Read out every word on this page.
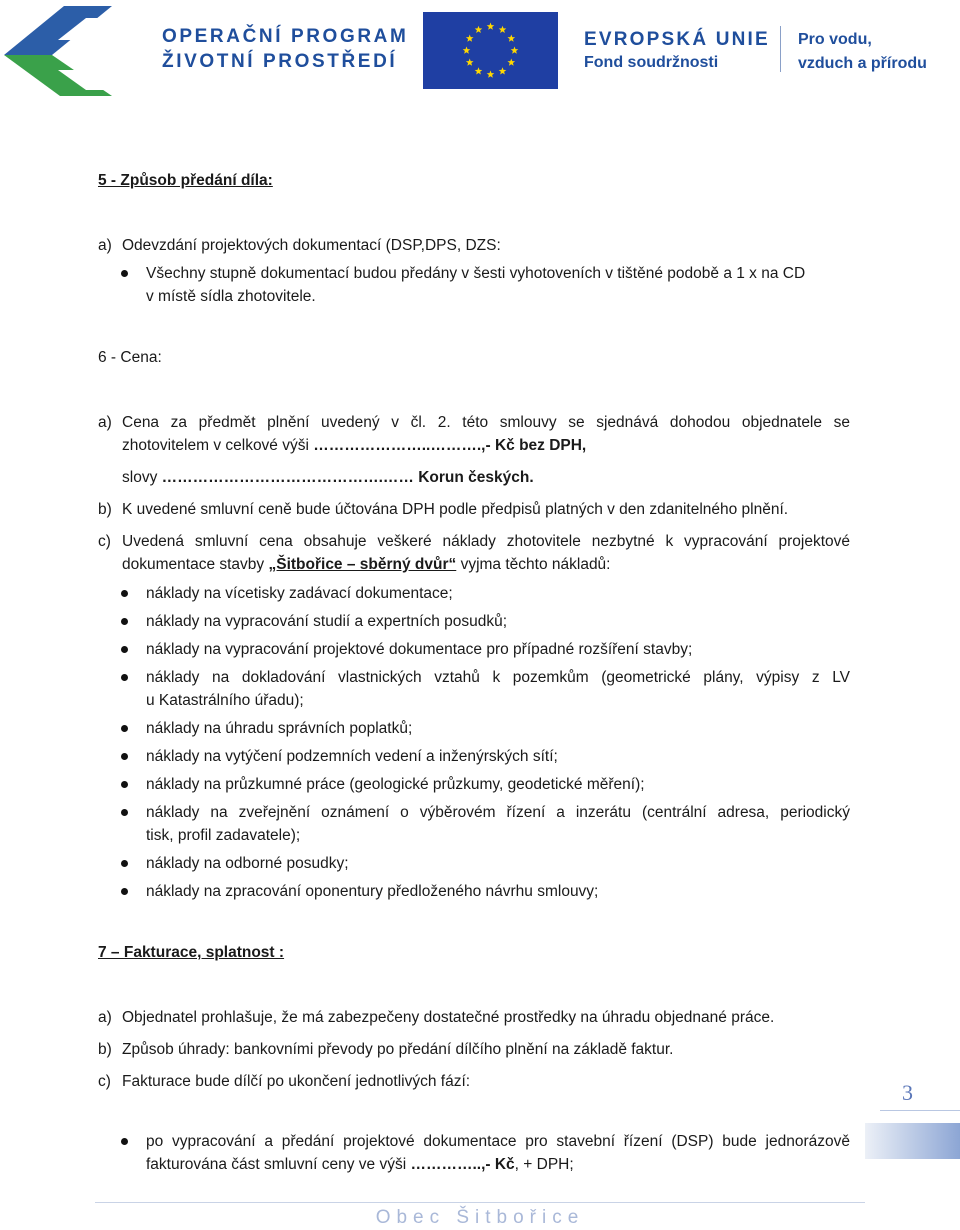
OPERAČNÍ PROGRAM
ŽIVOTNÍ PROSTŘEDÍ
EVROPSKÁ UNIE
Fond soudržnosti
Pro vodu,
vzduch a přírodu
5 - Způsob předání díla:
a) Odevzdání projektových dokumentací (DSP,DPS, DZS:
Všechny stupně dokumentací budou předány v šesti vyhotoveních v tištěné podobě a 1 x na CD
v místě sídla zhotovitele.
6 - Cena:
a) Cena za předmět plnění uvedený v čl. 2. této smlouvy se sjednává dohodou objednatele se
zhotovitelem v celkové výši …………………..……….,- Kč bez DPH,
slovy …………………………………….…… Korun českých.
b) K uvedené smluvní ceně bude účtována DPH podle předpisů platných v den zdanitelného plnění.
c) Uvedená smluvní cena obsahuje veškeré náklady zhotovitele nezbytné k vypracování projektové
dokumentace stavby „Šitbořice – sběrný dvůr“ vyjma těchto nákladů:
náklady na vícetisky zadávací dokumentace;
náklady na vypracování studií a expertních posudků;
náklady na vypracování projektové dokumentace pro případné rozšíření stavby;
náklady na dokladování vlastnických vztahů k pozemkům (geometrické plány, výpisy z LV
u Katastrálního úřadu);
náklady na úhradu správních poplatků;
náklady na vytýčení podzemních vedení a inženýrských sítí;
náklady na průzkumné práce (geologické průzkumy, geodetické měření);
náklady na zveřejnění oznámení o výběrovém řízení a inzerátu (centrální adresa, periodický
tisk, profil zadavatele);
náklady na odborné posudky;
náklady na zpracování oponentury předloženého návrhu smlouvy;
7 – Fakturace, splatnost :
a) Objednatel prohlašuje, že má zabezpečeny dostatečné prostředky na úhradu objednané práce.
b) Způsob úhrady: bankovními převody po předání dílčího plnění na základě faktur.
c) Fakturace bude dílčí po ukončení jednotlivých fází:
po vypracování a předání projektové dokumentace pro stavební řízení (DSP) bude jednorázově
fakturována část smluvní ceny ve výši …………..,- Kč, + DPH;
3
Obec Šitbořice
